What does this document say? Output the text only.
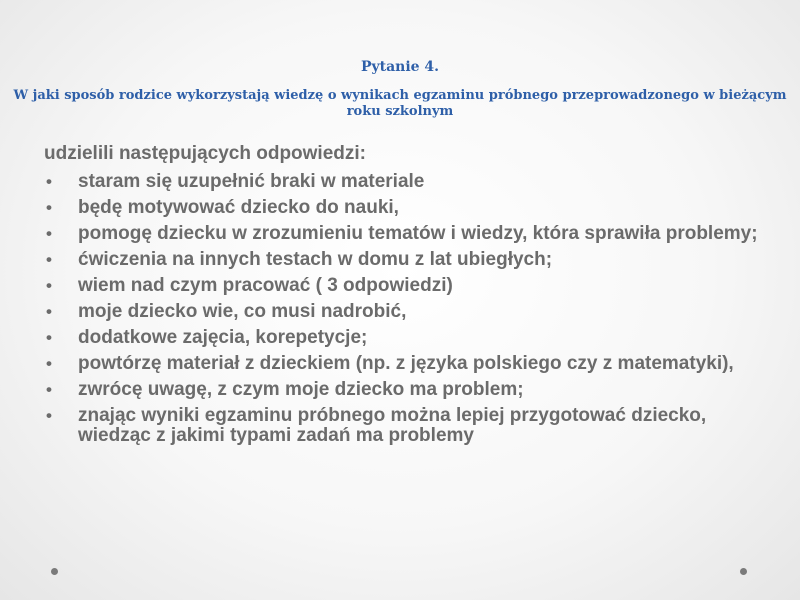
Pytanie 4.

W jaki sposób rodzice wykorzystają wiedzę o wynikach egzaminu próbnego przeprowadzonego w bieżącym roku szkolnym

udzielili następujących odpowiedzi:

• staram się uzupełnić braki w materiale
• będę motywować dziecko do nauki,
• pomogę dziecku w zrozumieniu tematów i wiedzy, która sprawiła problemy;
• ćwiczenia na innych testach w domu z lat ubiegłych;
• wiem nad czym pracować ( 3 odpowiedzi)
• moje dziecko wie, co musi nadrobić,
• dodatkowe zajęcia, korepetycje;
• powtórzę materiał z dzieckiem (np. z języka polskiego czy z matematyki),
• zwrócę uwagę, z czym moje dziecko ma problem;
• znając wyniki egzaminu próbnego można lepiej przygotować dziecko, wiedząc z jakimi typami zadań ma problemy
